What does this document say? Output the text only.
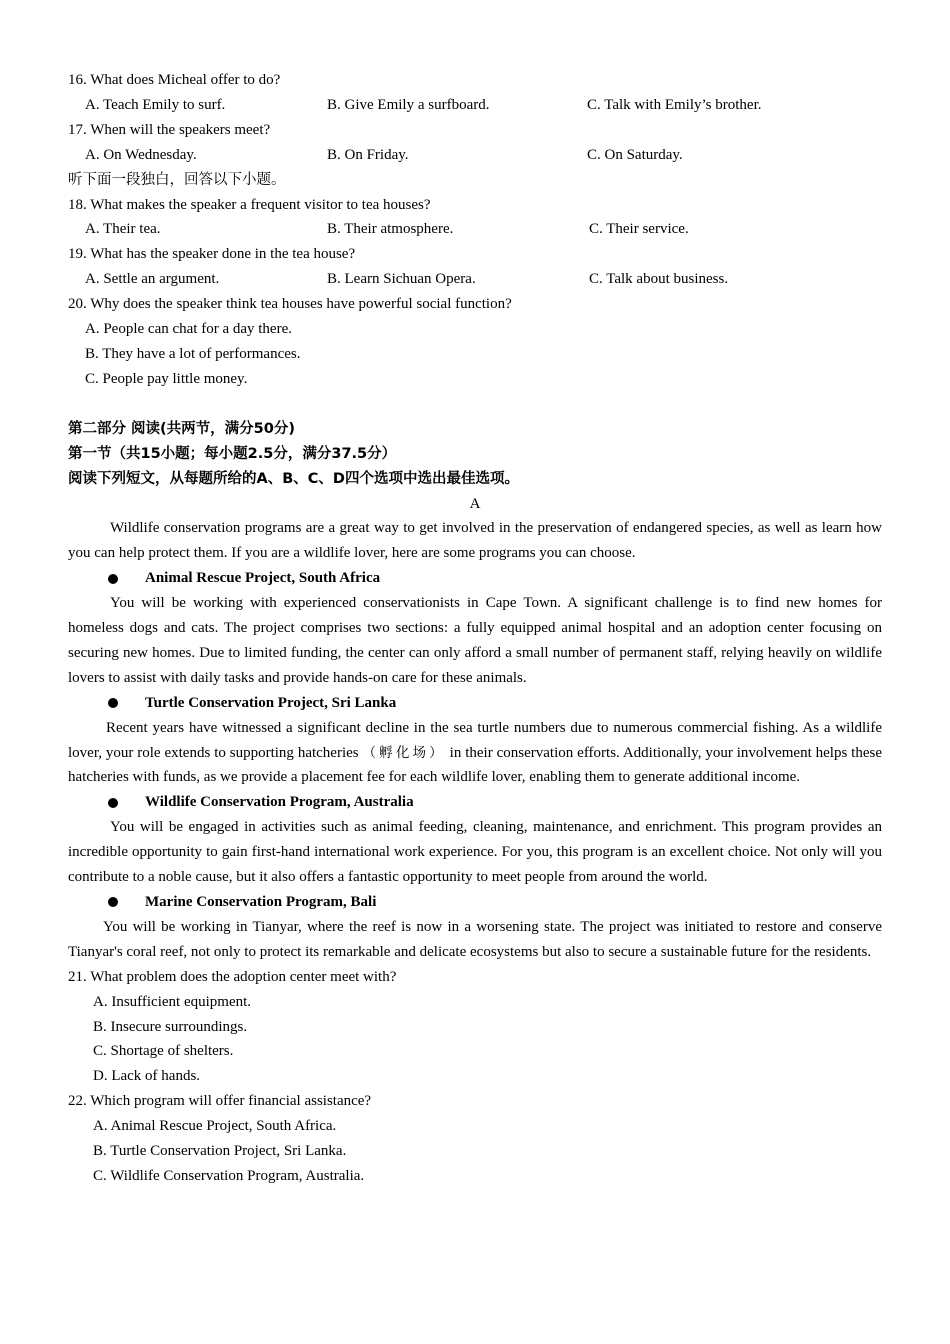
16. What does Micheal offer to do?
A. Teach Emily to surf.	B. Give Emily a surfboard.	C. Talk with Emily’s brother.
17. When will the speakers meet?
A. On Wednesday.	B. On Friday.	C. On Saturday.
听下面一段独白，回答以下小题。
18. What makes the speaker a frequent visitor to tea houses?
A. Their tea.	B. Their atmosphere.	C. Their service.
19. What has the speaker done in the tea house?
A. Settle an argument.	B. Learn Sichuan Opera.	C. Talk about business.
20. Why does the speaker think tea houses have powerful social function?
A. People can chat for a day there.
B. They have a lot of performances.
C. People pay little money.
第二部分 阅读(共两节，满分50分)
第一节（共15小题；每小题2.5分，满分37.5分）
阅读下列短文，从每题所给的A、B、C、D四个选项中选出最佳选项。
A
Wildlife conservation programs are a great way to get involved in the preservation of endangered species, as well as learn how you can help protect them. If you are a wildlife lover, here are some programs you can choose.
Animal Rescue Project, South Africa
You will be working with experienced conservationists in Cape Town. A significant challenge is to find new homes for homeless dogs and cats. The project comprises two sections: a fully equipped animal hospital and an adoption center focusing on securing new homes. Due to limited funding, the center can only afford a small number of permanent staff, relying heavily on wildlife lovers to assist with daily tasks and provide hands-on care for these animals.
Turtle Conservation Project, Sri Lanka
Recent years have witnessed a significant decline in the sea turtle numbers due to numerous commercial fishing. As a wildlife lover, your role extends to supporting hatcheries （孵化场） in their conservation efforts. Additionally, your involvement helps these hatcheries with funds, as we provide a placement fee for each wildlife lover, enabling them to generate additional income.
Wildlife Conservation Program, Australia
You will be engaged in activities such as animal feeding, cleaning, maintenance, and enrichment. This program provides an incredible opportunity to gain first-hand international work experience. For you, this program is an excellent choice. Not only will you contribute to a noble cause, but it also offers a fantastic opportunity to meet people from around the world.
Marine Conservation Program, Bali
You will be working in Tianyar, where the reef is now in a worsening state. The project was initiated to restore and conserve Tianyar's coral reef, not only to protect its remarkable and delicate ecosystems but also to secure a sustainable future for the residents.
21. What problem does the adoption center meet with?
A. Insufficient equipment.
B. Insecure surroundings.
C. Shortage of shelters.
D. Lack of hands.
22. Which program will offer financial assistance?
A. Animal Rescue Project, South Africa.
B. Turtle Conservation Project, Sri Lanka.
C. Wildlife Conservation Program, Australia.
